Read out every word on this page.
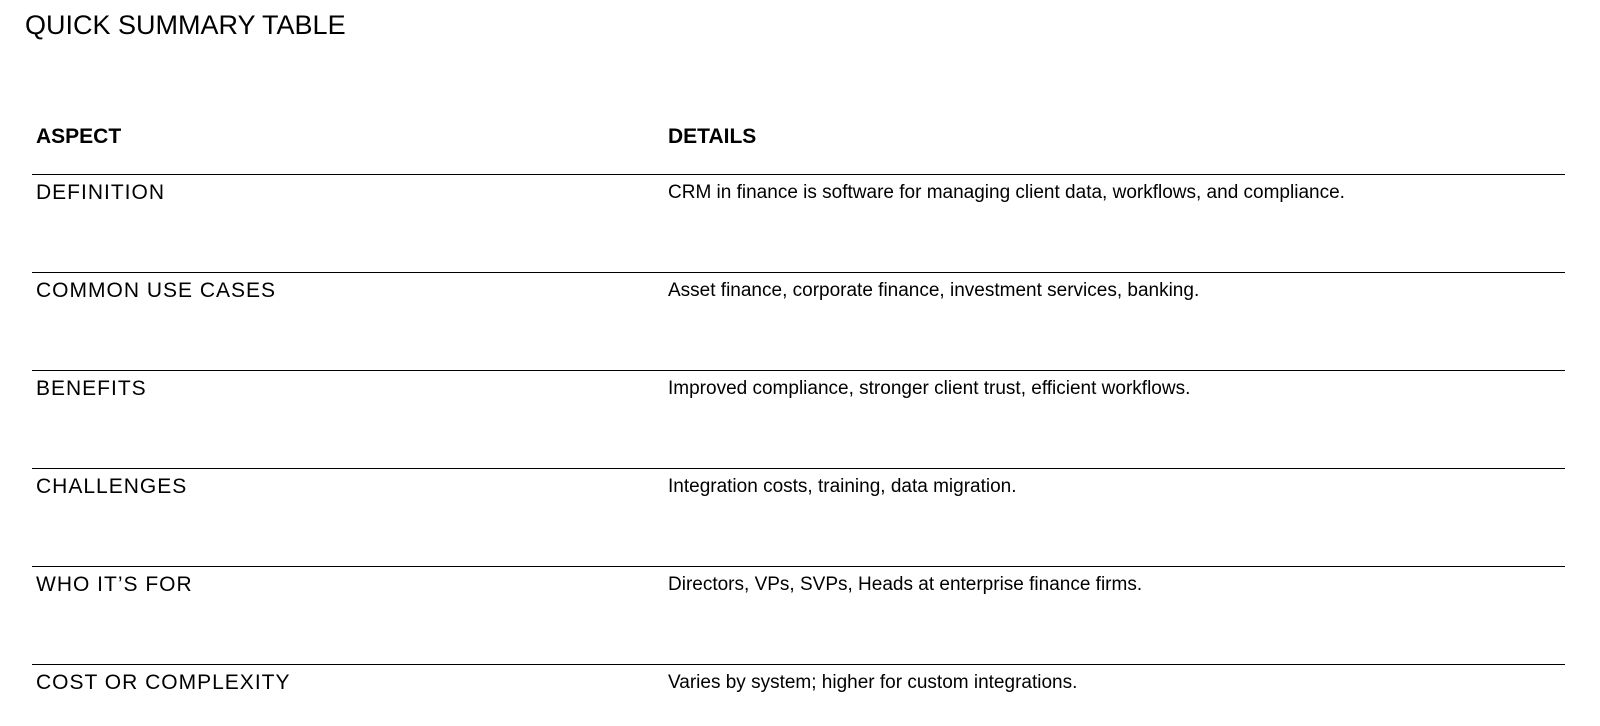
QUICK SUMMARY TABLE
ASPECT	DETAILS
DEFINITION	CRM in finance is software for managing client data, workflows, and compliance.
COMMON USE CASES	Asset finance, corporate finance, investment services, banking.
BENEFITS	Improved compliance, stronger client trust, efficient workflows.
CHALLENGES	Integration costs, training, data migration.
WHO IT’S FOR	Directors, VPs, SVPs, Heads at enterprise finance firms.
COST OR COMPLEXITY	Varies by system; higher for custom integrations.
